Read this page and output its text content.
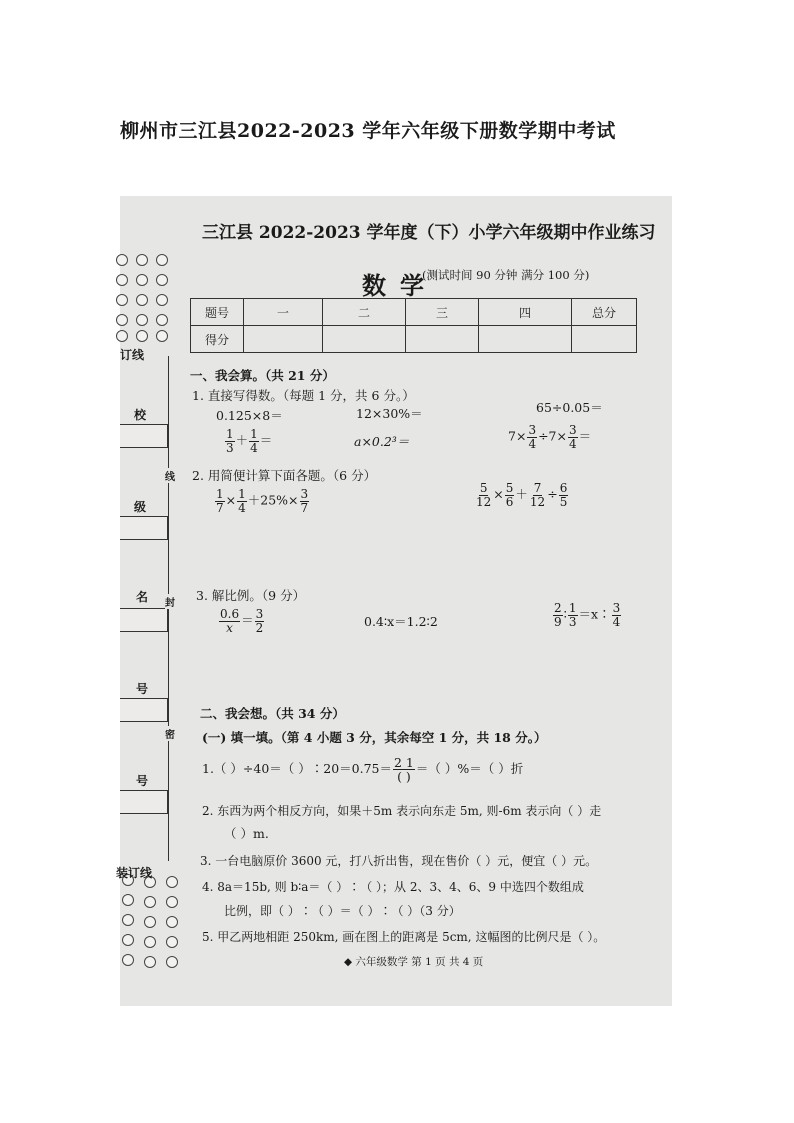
柳州市三江县2022-2023 学年六年级下册数学期中考试
订线
装订线
校
级
名
号
号
线
封
密
三江县 2022-2023 学年度（下）小学六年级期中作业练习
数学
(测试时间 90 分钟 满分 100 分)
题号	一	二	三	四	总分
得分					
一、我会算。（共 21 分）
1. 直接写得数。（每题 1 分，共 6 分。）
0.125×8＝	12×30%＝	65÷0.05＝
$\frac{1}{3} + \frac{1}{4}$ ＝	a×0.2³＝	$7\times \frac{3}{4} \div 7\times \frac{3}{4}$ ＝
2. 用简便计算下面各题。（6 分）
$\frac{1}{7} \times \frac{1}{4} +25\%\times \frac{3}{7}$	$\frac{5}{12} \times \frac{5}{6} + \frac{7}{12} \div \frac{6}{5}$
3. 解比例。（9 分）
$\frac{0.6}{x} = \frac{3}{2}$	0.4∶x＝1.2∶2	$\frac{2}{9}$ ∶ $\frac{1}{3}$ ＝x∶ $\frac{3}{4}$
二、我会想。（共 34 分）
(一) 填一填。（第 4 小题 3 分，其余每空 1 分，共 18 分。）
1.（ ）÷40＝（ ）∶20＝0.75＝ $\frac{2 1}{( )}$ ＝（ ）%＝（ ）折
2. 东西为两个相反方向，如果＋5m 表示向东走 5m, 则-6m 表示向（ ）走
（ ）m.
3. 一台电脑原价 3600 元，打八折出售，现在售价（ ）元，便宜（ ）元。
4. 8a＝15b, 则 b∶a＝（ ）∶（ ）；从 2、3、4、6、9 中选四个数组成
比例，即（ ）∶（ ）＝（ ）∶（ ）（3 分）
5. 甲乙两地相距 250km, 画在图上的距离是 5cm, 这幅图的比例尺是（ ）。
◆ 六年级数学 第 1 页 共 4 页
